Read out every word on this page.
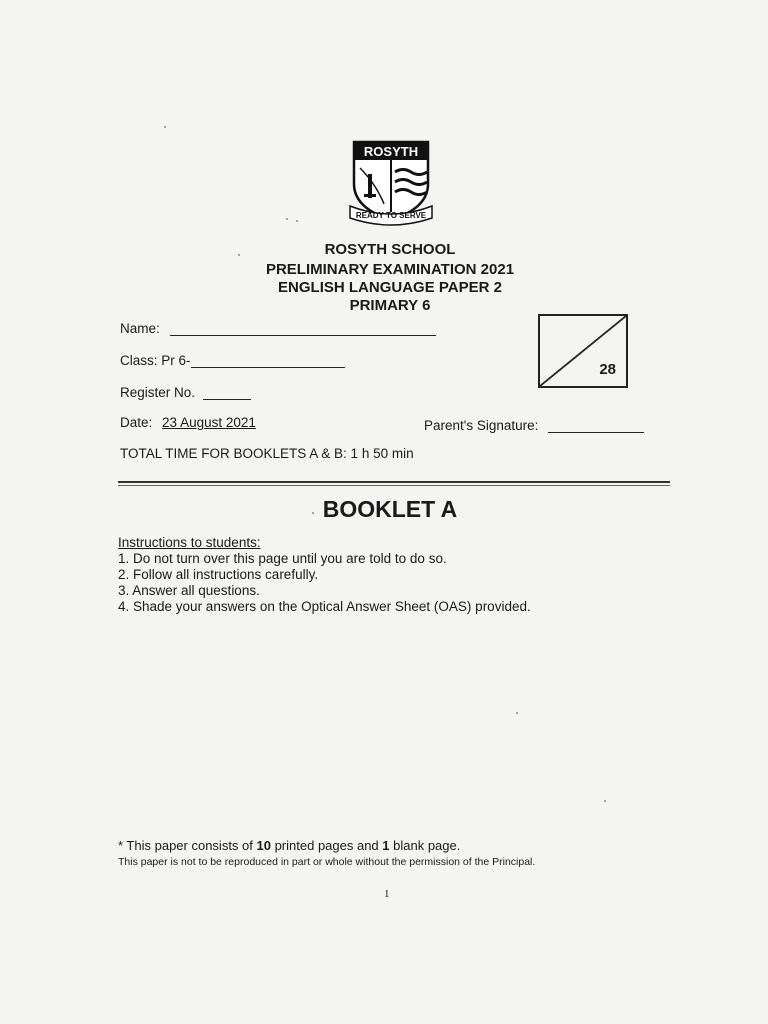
ROSYTH
READY TO SERVE
ROSYTH SCHOOL
PRELIMINARY EXAMINATION 2021
ENGLISH LANGUAGE PAPER 2
PRIMARY 6
Name:
Class: Pr 6-
Register No.
Date: 23 August 2021	Parent's Signature:
TOTAL TIME FOR BOOKLETS A & B: 1 h 50 min
28
BOOKLET A
Instructions to students:
1. Do not turn over this page until you are told to do so.
2. Follow all instructions carefully.
3. Answer all questions.
4. Shade your answers on the Optical Answer Sheet (OAS) provided.
* This paper consists of 10 printed pages and 1 blank page.
This paper is not to be reproduced in part or whole without the permission of the Principal.
1
